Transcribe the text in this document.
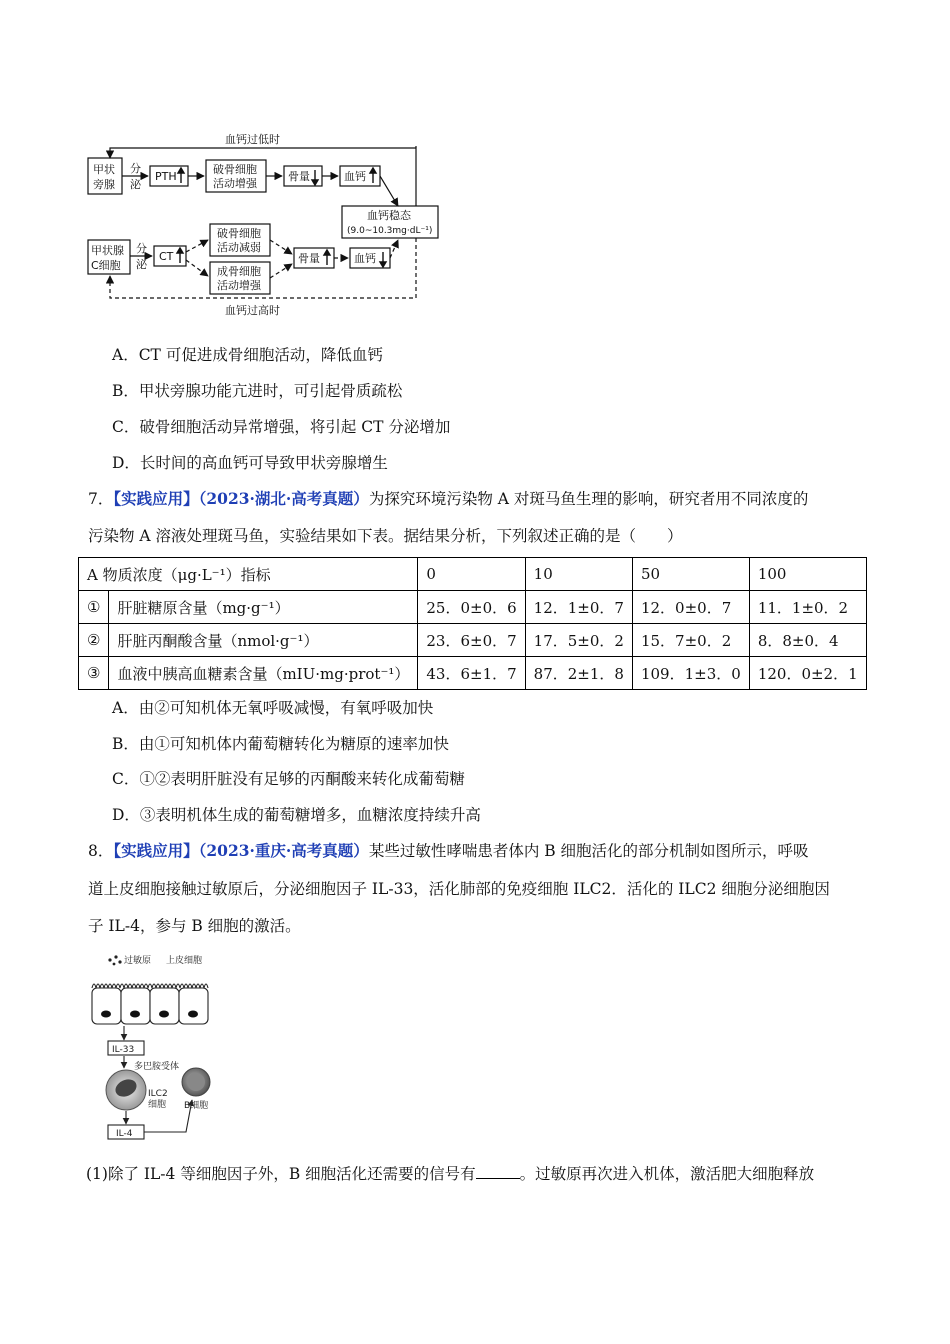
血钙过低时
血钙过高时
甲状
旁腺
分
泌
PTH
破骨细胞
活动增强
骨量	血钙
血钙稳态
(9.0~10.3mg·dL⁻¹)
甲状腺
C细胞
分
泌
CT
破骨细胞
活动减弱
成骨细胞
活动增强
骨量	血钙
A．CT 可促进成骨细胞活动，降低血钙
B．甲状旁腺功能亢进时，可引起骨质疏松
C．破骨细胞活动异常增强，将引起 CT 分泌增加
D．长时间的高血钙可导致甲状旁腺增生
7．【实践应用】（2023·湖北·高考真题）为探究环境污染物 A 对斑马鱼生理的影响，研究者用不同浓度的
污染物 A 溶液处理斑马鱼，实验结果如下表。据结果分析，下列叙述正确的是（　　）
A 物质浓度（μg·L⁻¹）指标		0	10	50	100
①	肝脏糖原含量（mg·g⁻¹）	25．0±0．6	12．1±0．7	12．0±0．7	11．1±0．2
②	肝脏丙酮酸含量（nmol·g⁻¹）	23．6±0．7	17．5±0．2	15．7±0．2	8．8±0．4
③	血液中胰高血糖素含量（mIU·mg·prot⁻¹）	43．6±1．7	87．2±1．8	109．1±3．0	120．0±2．1
A．由②可知机体无氧呼吸减慢，有氧呼吸加快
B．由①可知机体内葡萄糖转化为糖原的速率加快
C．①②表明肝脏没有足够的丙酮酸来转化成葡萄糖
D．③表明机体生成的葡萄糖增多，血糖浓度持续升高
8．【实践应用】（2023·重庆·高考真题）某些过敏性哮喘患者体内 B 细胞活化的部分机制如图所示，呼吸
道上皮细胞接触过敏原后，分泌细胞因子 IL-33，活化肺部的免疫细胞 ILC2．活化的 ILC2 细胞分泌细胞因
子 IL-4，参与 B 细胞的激活。
过敏原 上皮细胞
IL-33
多巴胺受体
ILC2
细胞 B细胞
IL-4
(1)除了 IL-4 等细胞因子外，B 细胞活化还需要的信号有	。过敏原再次进入机体，激活肥大细胞释放
